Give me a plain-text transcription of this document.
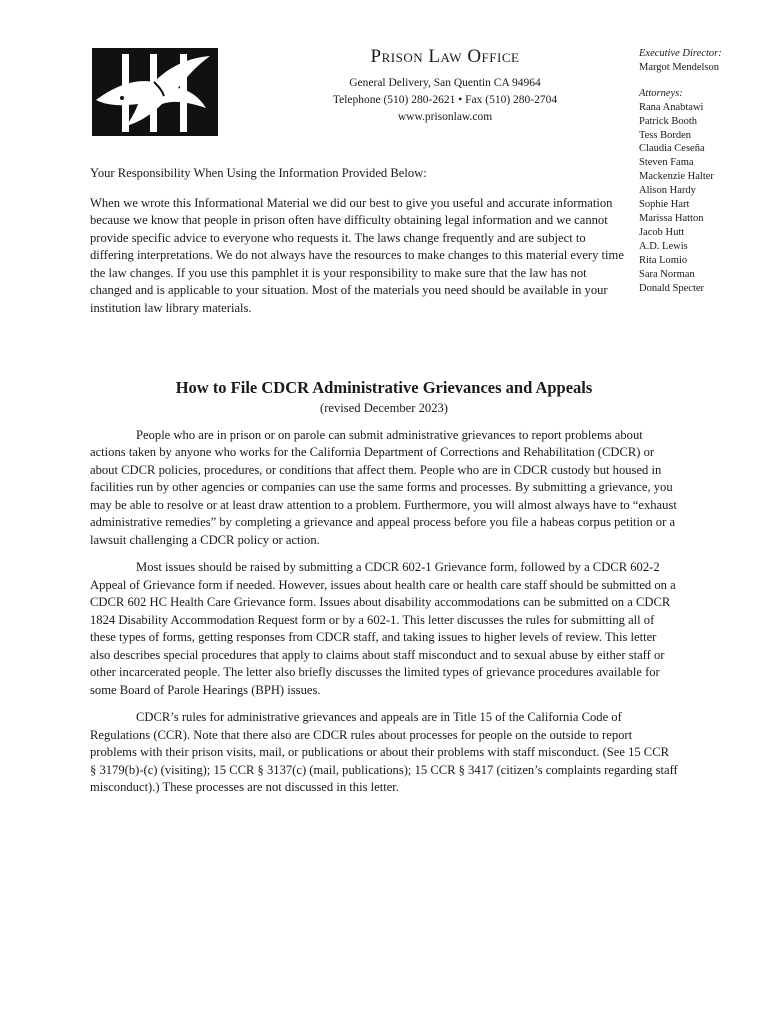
Prison Law Office

General Delivery, San Quentin CA 94964

Telephone (510) 280-2621 • Fax (510) 280-2704

www.prisonlaw.com

Executive Director:

Margot Mendelson

Attorneys:

Rana Anabtawi

Patrick Booth

Tess Borden

Claudia Ceseña

Steven Fama

Mackenzie Halter

Alison Hardy

Sophie Hart

Marissa Hatton

Jacob Hutt

A.D. Lewis

Rita Lomio

Sara Norman

Donald Specter

Your Responsibility When Using the Information Provided Below:

When we wrote this Informational Material we did our best to give you useful and accurate information because we know that people in prison often have difficulty obtaining legal information and we cannot provide specific advice to everyone who requests it. The laws change frequently and are subject to differing interpretations. We do not always have the resources to make changes to this material every time the law changes. If you use this pamphlet it is your responsibility to make sure that the law has not changed and is applicable to your situation. Most of the materials you need should be available in your institution law library materials.

How to File CDCR Administrative Grievances and Appeals

(revised December 2023)

People who are in prison or on parole can submit administrative grievances to report problems about actions taken by anyone who works for the California Department of Corrections and Rehabilitation (CDCR) or about CDCR policies, procedures, or conditions that affect them. People who are in CDCR custody but housed in facilities run by other agencies or companies can use the same forms and processes. By submitting a grievance, you may be able to resolve or at least draw attention to a problem. Furthermore, you will almost always have to “exhaust administrative remedies” by completing a grievance and appeal process before you file a habeas corpus petition or a lawsuit challenging a CDCR policy or action.

Most issues should be raised by submitting a CDCR 602-1 Grievance form, followed by a CDCR 602-2 Appeal of Grievance form if needed. However, issues about health care or health care staff should be submitted on a CDCR 602 HC Health Care Grievance form. Issues about disability accommodations can be submitted on a CDCR 1824 Disability Accommodation Request form or by a 602-1. This letter discusses the rules for submitting all of these types of forms, getting responses from CDCR staff, and taking issues to higher levels of review. This letter also describes special procedures that apply to claims about staff misconduct and to sexual abuse by either staff or other incarcerated people. The letter also briefly discusses the limited types of grievance procedures available for some Board of Parole Hearings (BPH) issues.

CDCR’s rules for administrative grievances and appeals are in Title 15 of the California Code of Regulations (CCR). Note that there also are CDCR rules about processes for people on the outside to report problems with their prison visits, mail, or publications or about their problems with staff misconduct. (See 15 CCR § 3179(b)-(c) (visiting); 15 CCR § 3137(c) (mail, publications); 15 CCR § 3417 (citizen’s complaints regarding staff misconduct).) These processes are not discussed in this letter.
